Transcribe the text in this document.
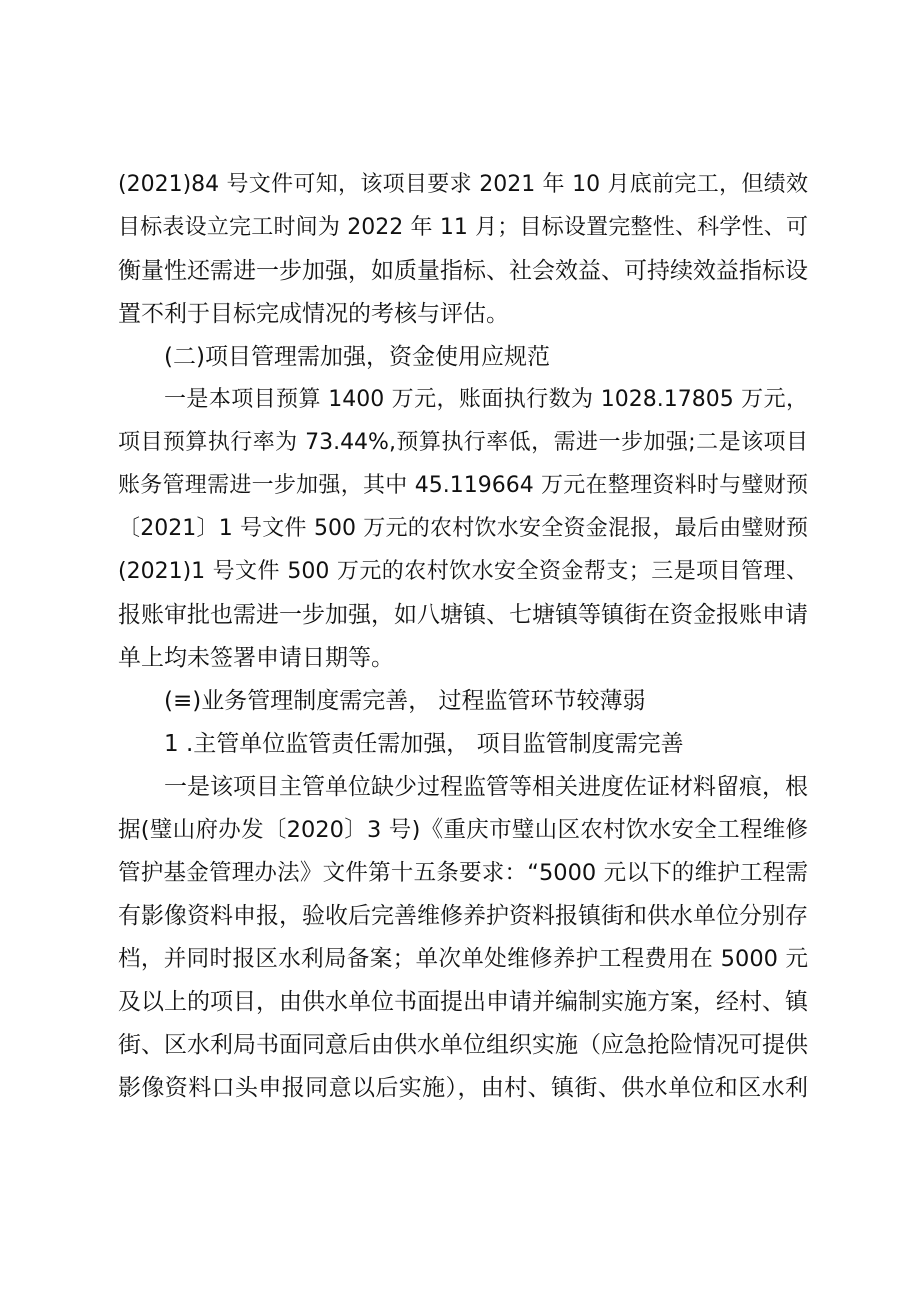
(2021)84 号文件可知，该项目要求 2021 年 10 月底前完工，但绩效
目标表设立完工时间为 2022 年 11 月；目标设置完整性、科学性、可
衡量性还需进一步加强，如质量指标、社会效益、可持续效益指标设
置不利于目标完成情况的考核与评估。
(二)项目管理需加强，资金使用应规范
一是本项目预算 1400 万元，账面执行数为 1028.17805 万元，
项目预算执行率为 73.44%,预算执行率低，需进一步加强;二是该项目
账务管理需进一步加强，其中 45.119664 万元在整理资料时与璧财预
〔2021〕1 号文件 500 万元的农村饮水安全资金混报，最后由璧财预
(2021)1 号文件 500 万元的农村饮水安全资金帮支；三是项目管理、
报账审批也需进一步加强，如八塘镇、七塘镇等镇街在资金报账申请
单上均未签署申请日期等。
(≡)业务管理制度需完善， 过程监管环节较薄弱
1 .主管单位监管责任需加强， 项目监管制度需完善
一是该项目主管单位缺少过程监管等相关进度佐证材料留痕，根
据(璧山府办发〔2020〕3 号)《重庆市璧山区农村饮水安全工程维修
管护基金管理办法》文件第十五条要求：“5000 元以下的维护工程需
有影像资料申报，验收后完善维修养护资料报镇街和供水单位分别存
档，并同时报区水利局备案；单次单处维修养护工程费用在 5000 元
及以上的项目，由供水单位书面提出申请并编制实施方案，经村、镇
街、区水利局书面同意后由供水单位组织实施（应急抢险情况可提供
影像资料口头申报同意以后实施），由村、镇街、供水单位和区水利
